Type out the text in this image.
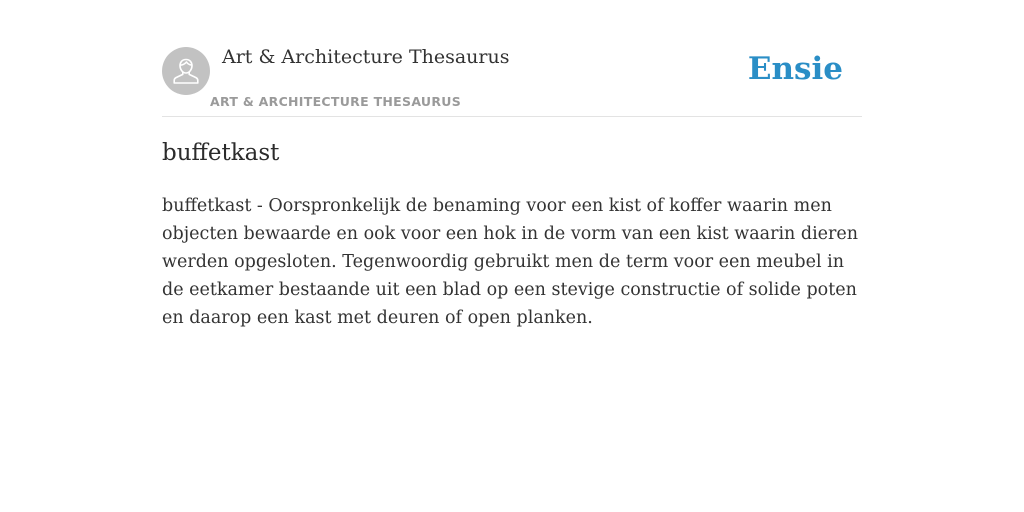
Art & Architecture Thesaurus
ART & ARCHITECTURE THESAURUS
Ensie
buffetkast

buffetkast - Oorspronkelijk de benaming voor een kist of koffer waarin men objecten bewaarde en ook voor een hok in de vorm van een kist waarin dieren werden opgesloten. Tegenwoordig gebruikt men de term voor een meubel in de eetkamer bestaande uit een blad op een stevige constructie of solide poten en daarop een kast met deuren of open planken.
